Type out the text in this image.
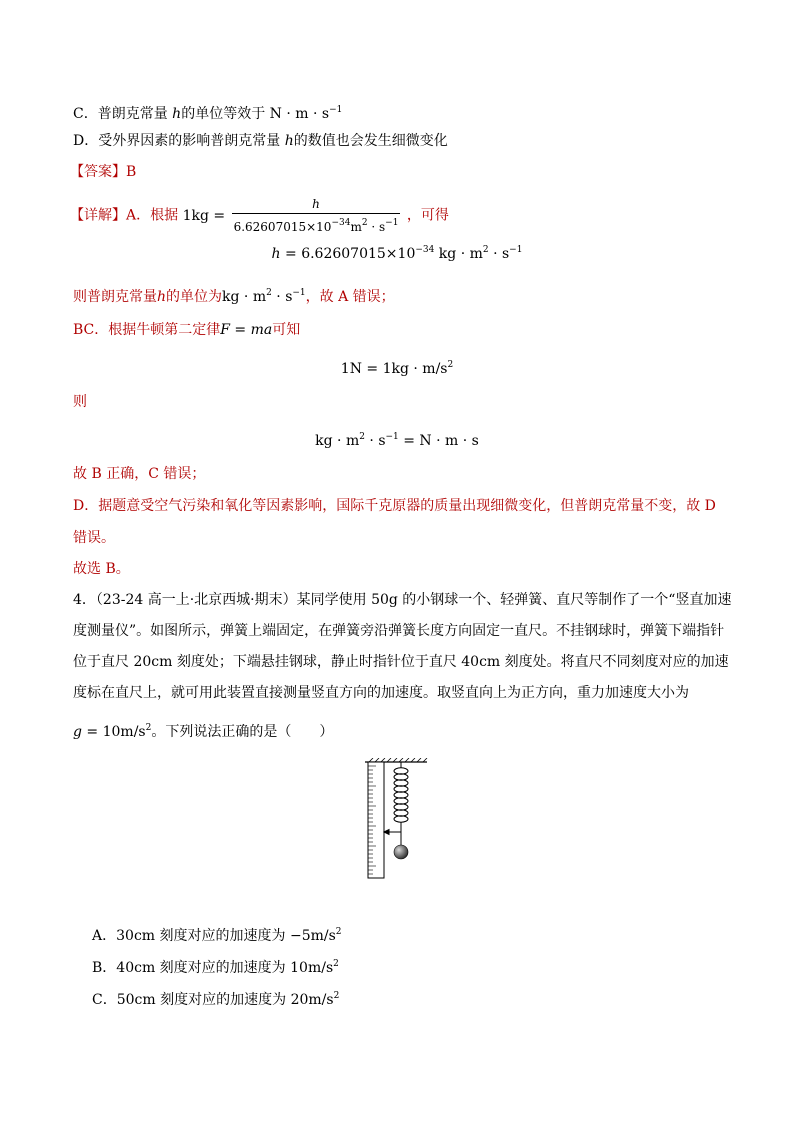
C．普朗克常量 h的单位等效于 $N \cdot m \cdot s^{-1}$
D．受外界因素的影响普朗克常量 h的数值也会发生细微变化
【答案】B
【详解】A．根据 $1kg = \frac{h}{6.62607015\times 10^{-34}m^2 \cdot s^{-1}}$ ，可得
$h = 6.62607015\times 10^{-34}$ kg · $m^2 \cdot s^{-1}$
则普朗克常量h的单位为kg · $m^2 \cdot s^{-1}$，故 A 错误；
BC．根据牛顿第二定律F = ma可知
$1N = 1kg \cdot m/s^2$
则
kg · $m^2 \cdot s^{-1} = N \cdot m \cdot s$
故 B 正确，C 错误；
D．据题意受空气污染和氧化等因素影响，国际千克原器的质量出现细微变化，但普朗克常量不变，故 D
错误。
故选 B。
4．（23-24 高一上·北京西城·期末）某同学使用 50g 的小钢球一个、轻弹簧、直尺等制作了一个“竖直加速
度测量仪”。如图所示，弹簧上端固定，在弹簧旁沿弹簧长度方向固定一直尺。不挂钢球时，弹簧下端指针
位于直尺 20cm 刻度处；下端悬挂钢球，静止时指针位于直尺 40cm 刻度处。将直尺不同刻度对应的加速
度标在直尺上，就可用此装置直接测量竖直方向的加速度。取竖直向上为正方向，重力加速度大小为
$g = 10m/s^2$。下列说法正确的是（　　）
A．30cm 刻度对应的加速度为 $-5m/s^2$
B．40cm 刻度对应的加速度为 $10m/s^2$
C．50cm 刻度对应的加速度为 $20m/s^2$
